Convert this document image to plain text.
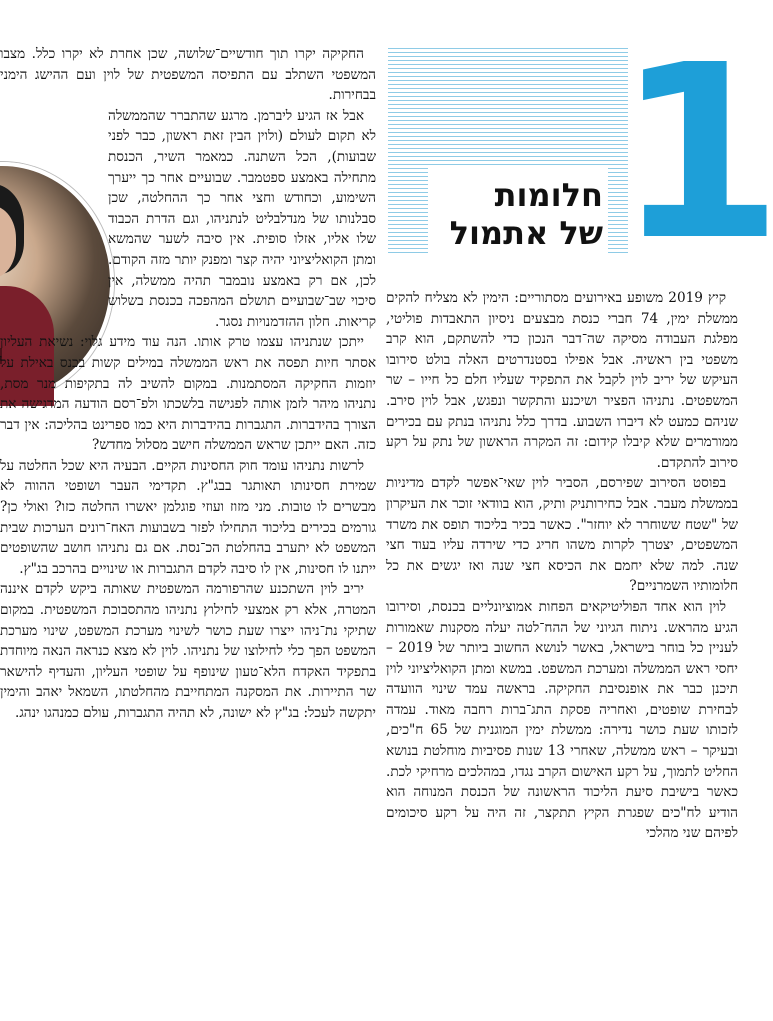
1
חלומות
של אתמול

קיץ 2019 משופע באירועים מסתוריים: הימין לא מצליח להקים ממשלת ימין, 74 חברי כנסת מבצעים ניסיון התאבדות פוליטי, מפלגת העבודה מסיקה שה־דבר הנכון כדי להשתקם, הוא קרב משפטי בין ראשיה. אבל אפילו בסטנדרטים האלה בולט סירובו העיקש של יריב לוין לקבל את התפקיד שעליו חלם כל חייו – שר המשפטים. נתניהו הפציר ושיכנע והתקשר ונפגש, אבל לוין סירב. שניהם כמעט לא דיברו השבוע. בדרך כלל נתניהו בנתק עם בכירים ממורמרים שלא קיבלו קידום: זה המקרה הראשון של נתק על רקע סירוב להתקדם.

בפוסט הסירוב שפירסם, הסביר לוין שאי־אפשר לקדם מדיניות בממשלת מעבר. אבל כחירותניק ותיק, הוא בוודאי זוכר את העיקרון של "שטח ששוחרר לא יוחזר". כאשר בכיר בליכוד תופס את משרד המשפטים, יצטרך לקרות משהו חריג כדי שירדה עליו בעוד חצי שנה. למה שלא יחמם את הכיסא חצי שנה ואז יגשים את כל חלומותיו השמרניים?

לוין הוא אחד הפוליטיקאים הפחות אמוציונליים בכנסת, וסירובו הגיע מהראש. ניתוח הגיוני של ההח־לטה יעלה מסקנות שאמורות לעניין כל בוחר בישראל, באשר לנושא החשוב ביותר של 2019 – יחסי ראש הממשלה ומערכת המשפט. במשא ומתן הקואליציוני לוין תיכנן כבר את אופנסיבת החקיקה. בראשה עמד שינוי הוועדה לבחירת שופטים, ואחריה פסקת התג־ברות רחבה מאוד. עמדה לזכותו שעת כושר נדירה: ממשלת ימין המוגנית של 65 ח"כים, ובעיקר – ראש ממשלה, שאחרי 13 שנות פסיביות מוחלטת בנושא החליט לתמוך, על רקע האישום הקרב נגדו, במהלכים מרחיקי לכת. כאשר בישיבת סיעת הליכוד הראשונה של הכנסת המנוחה הוא הודיע לח"כים שפגרת הקיץ תתקצר, זה היה על רקע סיכומים לפיהם שני מהלכי

החקיקה יקרו תוך חודשיים־שלושה, שכן אחרת לא יקרו כלל. מצבו המשפטי השתלב עם התפיסה המשפטית של לוין ועם ההישג הימני בבחירות.

אבל אז הגיע ליברמן. מרגע שהתברר שהממשלה לא תקום לעולם (ולוין הבין זאת ראשון, כבר לפני שבועות), הכל השתנה. כמאמר השיר, הכנסת מתחילה באמצע ספטמבר. שבועיים אחר כך ייערך השימוע, וכחודש וחצי אחר כך ההחלטה, שכן סבלנותו של מנדלבליט לנתניהו, וגם הדרת הכבוד שלו אליו, אזלו סופית. אין סיבה לשער שהמשא ומתן הקואליציוני יהיה קצר ומפנק יותר מזה הקודם. לכן, אם רק באמצע נובמבר תהיה ממשלה, אין סיכוי שב־שבועיים תושלם המהפכה בכנסת בשלוש קריאות. חלון ההזדמנויות נסגר.

ייתכן שנתניהו עצמו טרק אותו. הנה עוד מידע גלוי: נשיאת העליון אסתר חיות תפסה את ראש הממשלה במילים קשות בכנס באילת על יוזמות החקיקה המסתמנות. במקום להשיב לה בתקיפות מנר מסת, נתניהו מיהר לזמן אותה לפגישה בלשכתו ולפ־רסם הודעה המדגישה את הצורך בהידברות. התגברות בהידברות היא כמו ספרינט בהליכה: אין דבר כזה. האם ייתכן שראש הממשלה חישב מסלול מחדש?

לרשות נתניהו עומד חוק החסינות הקיים. הבעיה היא שכל החלטה על שמירת חסינותו תאותגר בבג"ץ. תקדימי העבר ושופטי ההווה לא מבשרים לו טובות. מני מזוז ועוזי פוגלמן יאשרו החלטה כזו? ואולי כן? גורמים בכירים בליכוד התחילו לפזר בשבועות האח־רונים הערכות שבית המשפט לא יתערב בהחלטת הכ־נסת. אם גם נתניהו חושב שהשופטים ייתנו לו חסינות, אין לו סיבה לקדם התגברות או שינויים בהרכב בג"ץ.

יריב לוין השתכנע שהרפורמה המשפטית שאותה ביקש לקדם איננה המטרה, אלא רק אמצעי לחילוץ נתניהו מהתסבוכת המשפטית. במקום שתיקי נת־ניהו ייצרו שעת כושר לשינוי מערכת המשפט, שינוי מערכת המשפט הפך כלי לחילוצו של נתניהו. לוין לא מצא כנראה הנאה מיוחדת בתפקיד האקדח הלא־טעון שינופף על שופטי העליון, והעדיף להישאר שר התיירות. את המסקנה המתחייבת מהחלטתו, השמאל יאהב והימין יתקשה לעכל: בג"ץ לא ישונה, לא תהיה התגברות, עולם כמנהגו ינהג.
